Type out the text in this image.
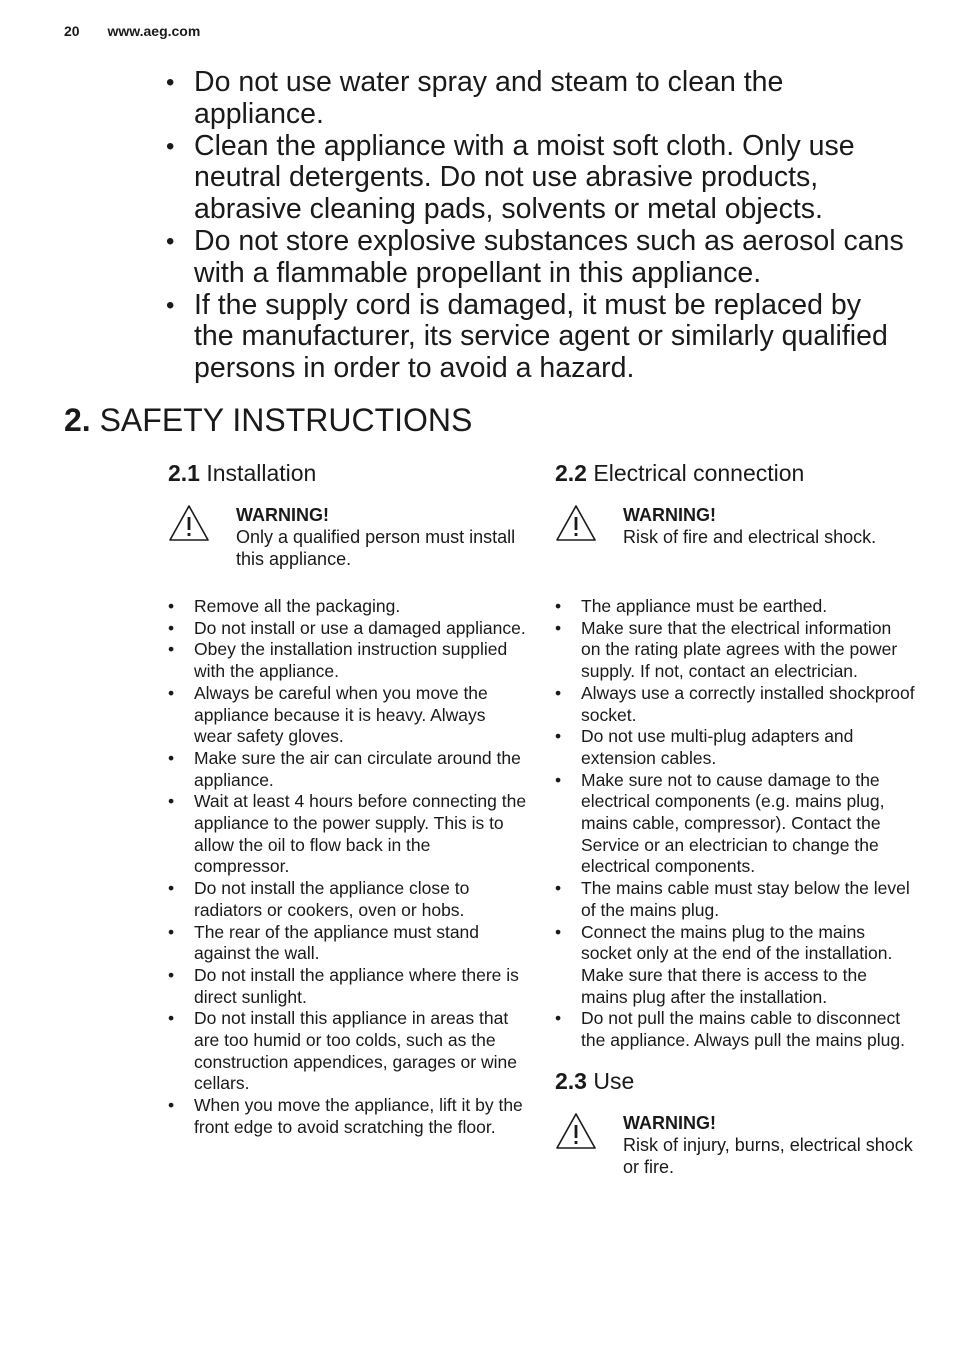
20 www.aeg.com
• Do not use water spray and steam to clean the appliance.
• Clean the appliance with a moist soft cloth. Only use neutral detergents. Do not use abrasive products, abrasive cleaning pads, solvents or metal objects.
• Do not store explosive substances such as aerosol cans with a flammable propellant in this appliance.
• If the supply cord is damaged, it must be replaced by the manufacturer, its service agent or similarly qualified persons in order to avoid a hazard.
2. SAFETY INSTRUCTIONS
2.1 Installation
WARNING!
Only a qualified person must install this appliance.
• Remove all the packaging.
• Do not install or use a damaged appliance.
• Obey the installation instruction supplied with the appliance.
• Always be careful when you move the appliance because it is heavy. Always wear safety gloves.
• Make sure the air can circulate around the appliance.
• Wait at least 4 hours before connecting the appliance to the power supply. This is to allow the oil to flow back in the compressor.
• Do not install the appliance close to radiators or cookers, oven or hobs.
• The rear of the appliance must stand against the wall.
• Do not install the appliance where there is direct sunlight.
• Do not install this appliance in areas that are too humid or too colds, such as the construction appendices, garages or wine cellars.
• When you move the appliance, lift it by the front edge to avoid scratching the floor.
2.2 Electrical connection
WARNING!
Risk of fire and electrical shock.
• The appliance must be earthed.
• Make sure that the electrical information on the rating plate agrees with the power supply. If not, contact an electrician.
• Always use a correctly installed shockproof socket.
• Do not use multi-plug adapters and extension cables.
• Make sure not to cause damage to the electrical components (e.g. mains plug, mains cable, compressor). Contact the Service or an electrician to change the electrical components.
• The mains cable must stay below the level of the mains plug.
• Connect the mains plug to the mains socket only at the end of the installation. Make sure that there is access to the mains plug after the installation.
• Do not pull the mains cable to disconnect the appliance. Always pull the mains plug.
2.3 Use
WARNING!
Risk of injury, burns, electrical shock or fire.
